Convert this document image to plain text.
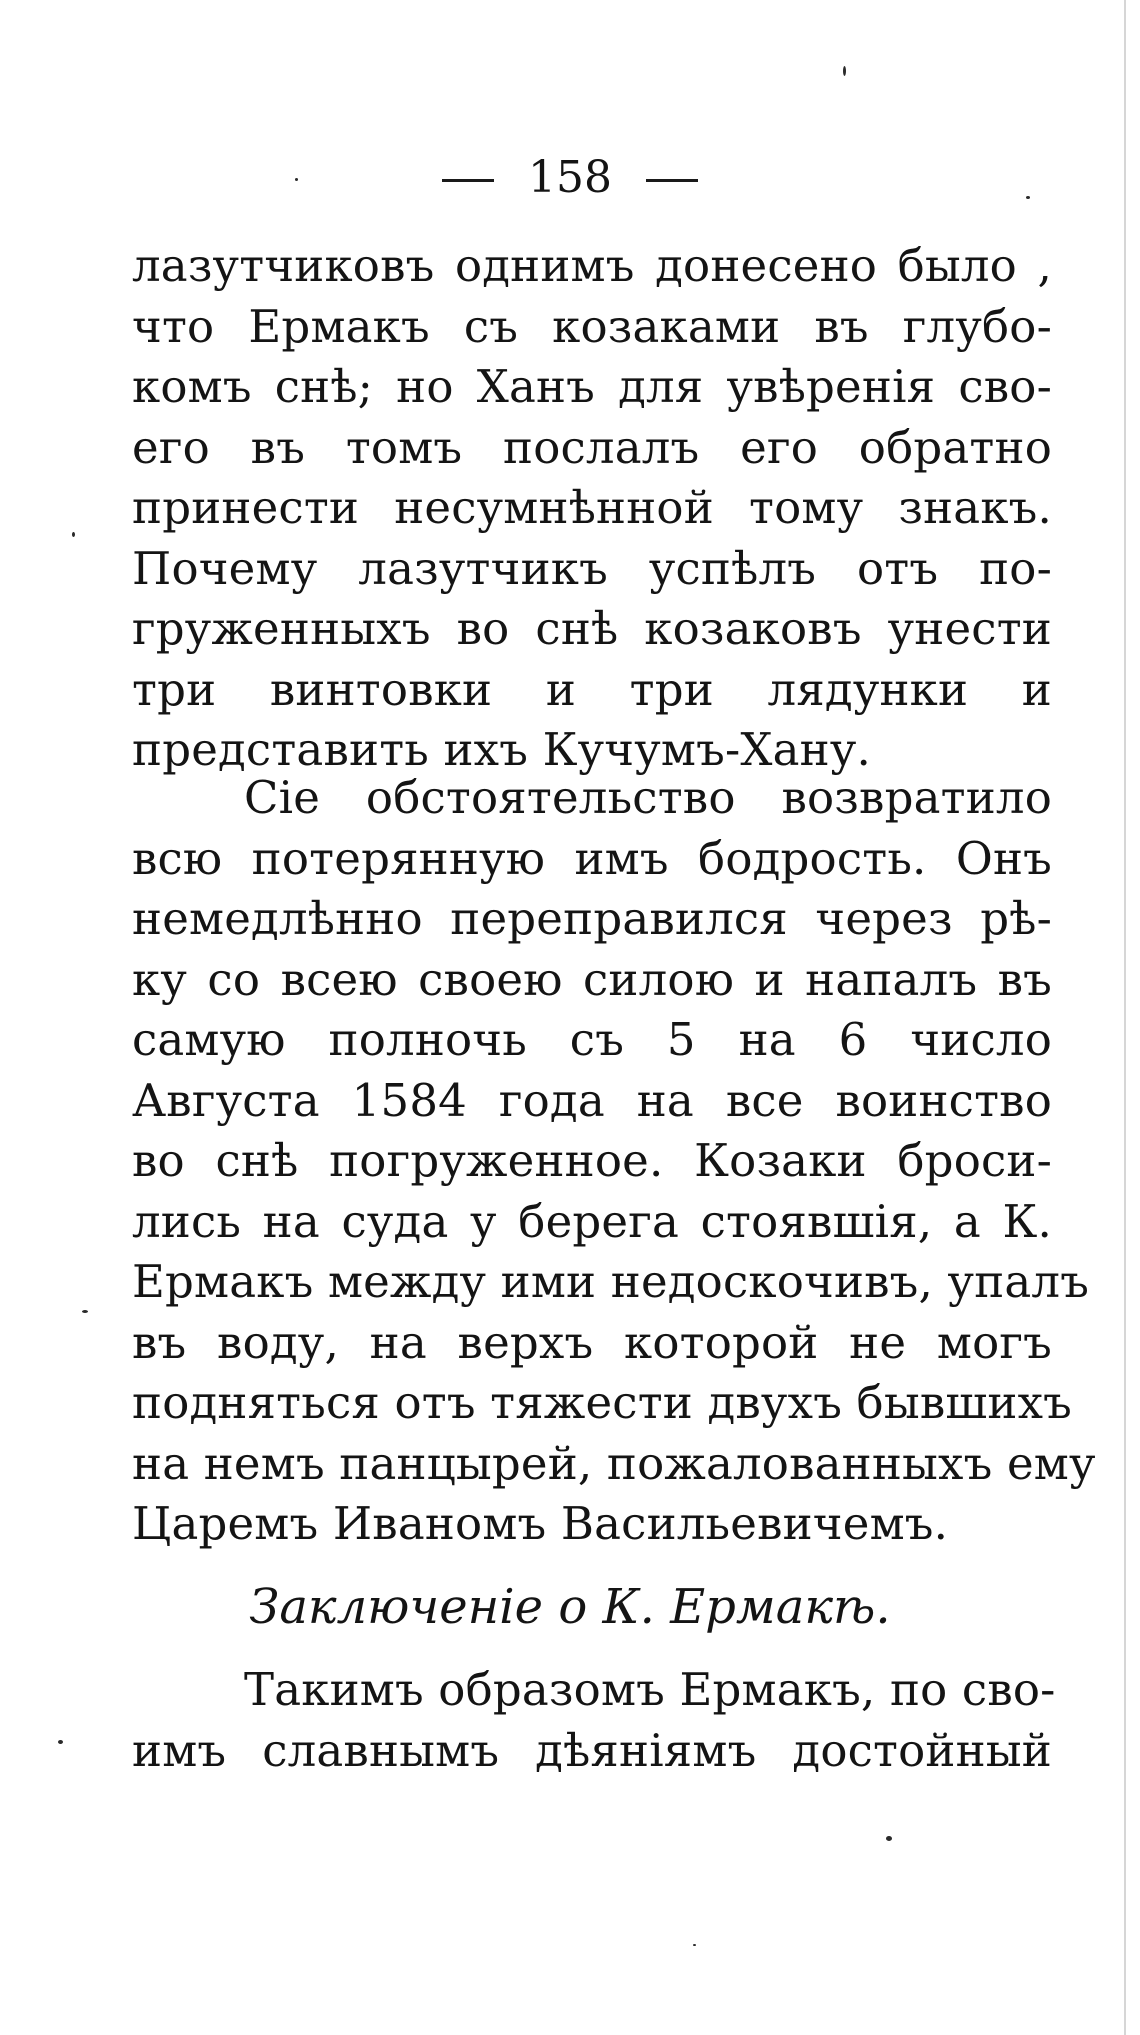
158
лазутчиковъ однимъ донесено было ,
что Ермакъ съ козаками въ глубо-
комъ снѣ; но Ханъ для увѣренія сво-
его въ томъ послалъ его обратно
принести несумнѣнной тому знакъ.
Почему лазутчикъ успѣлъ отъ по-
груженныхъ во снѣ козаковъ унести
три винтовки и три лядунки и
представить ихъ Кучумъ-Хану.
Сіе обстоятельство возвратило
всю потерянную имъ бодрость. Онъ
немедлѣнно переправился через рѣ-
ку со всею своею силою и напалъ въ
самую полночь съ 5 на 6 число
Августа 1584 года на все воинство
во снѣ погруженное. Козаки броси-
лись на суда у берега стоявшія, а К.
Ермакъ между ими недоскочивъ, упалъ
въ воду, на верхъ которой не могъ
подняться отъ тяжести двухъ бывшихъ
на немъ панцырей, пожалованныхъ ему
Царемъ Иваномъ Васильевичемъ.
Заключеніе о К. Ермакѣ.
Такимъ образомъ Ермакъ, по сво-
имъ славнымъ дѣяніямъ достойный
